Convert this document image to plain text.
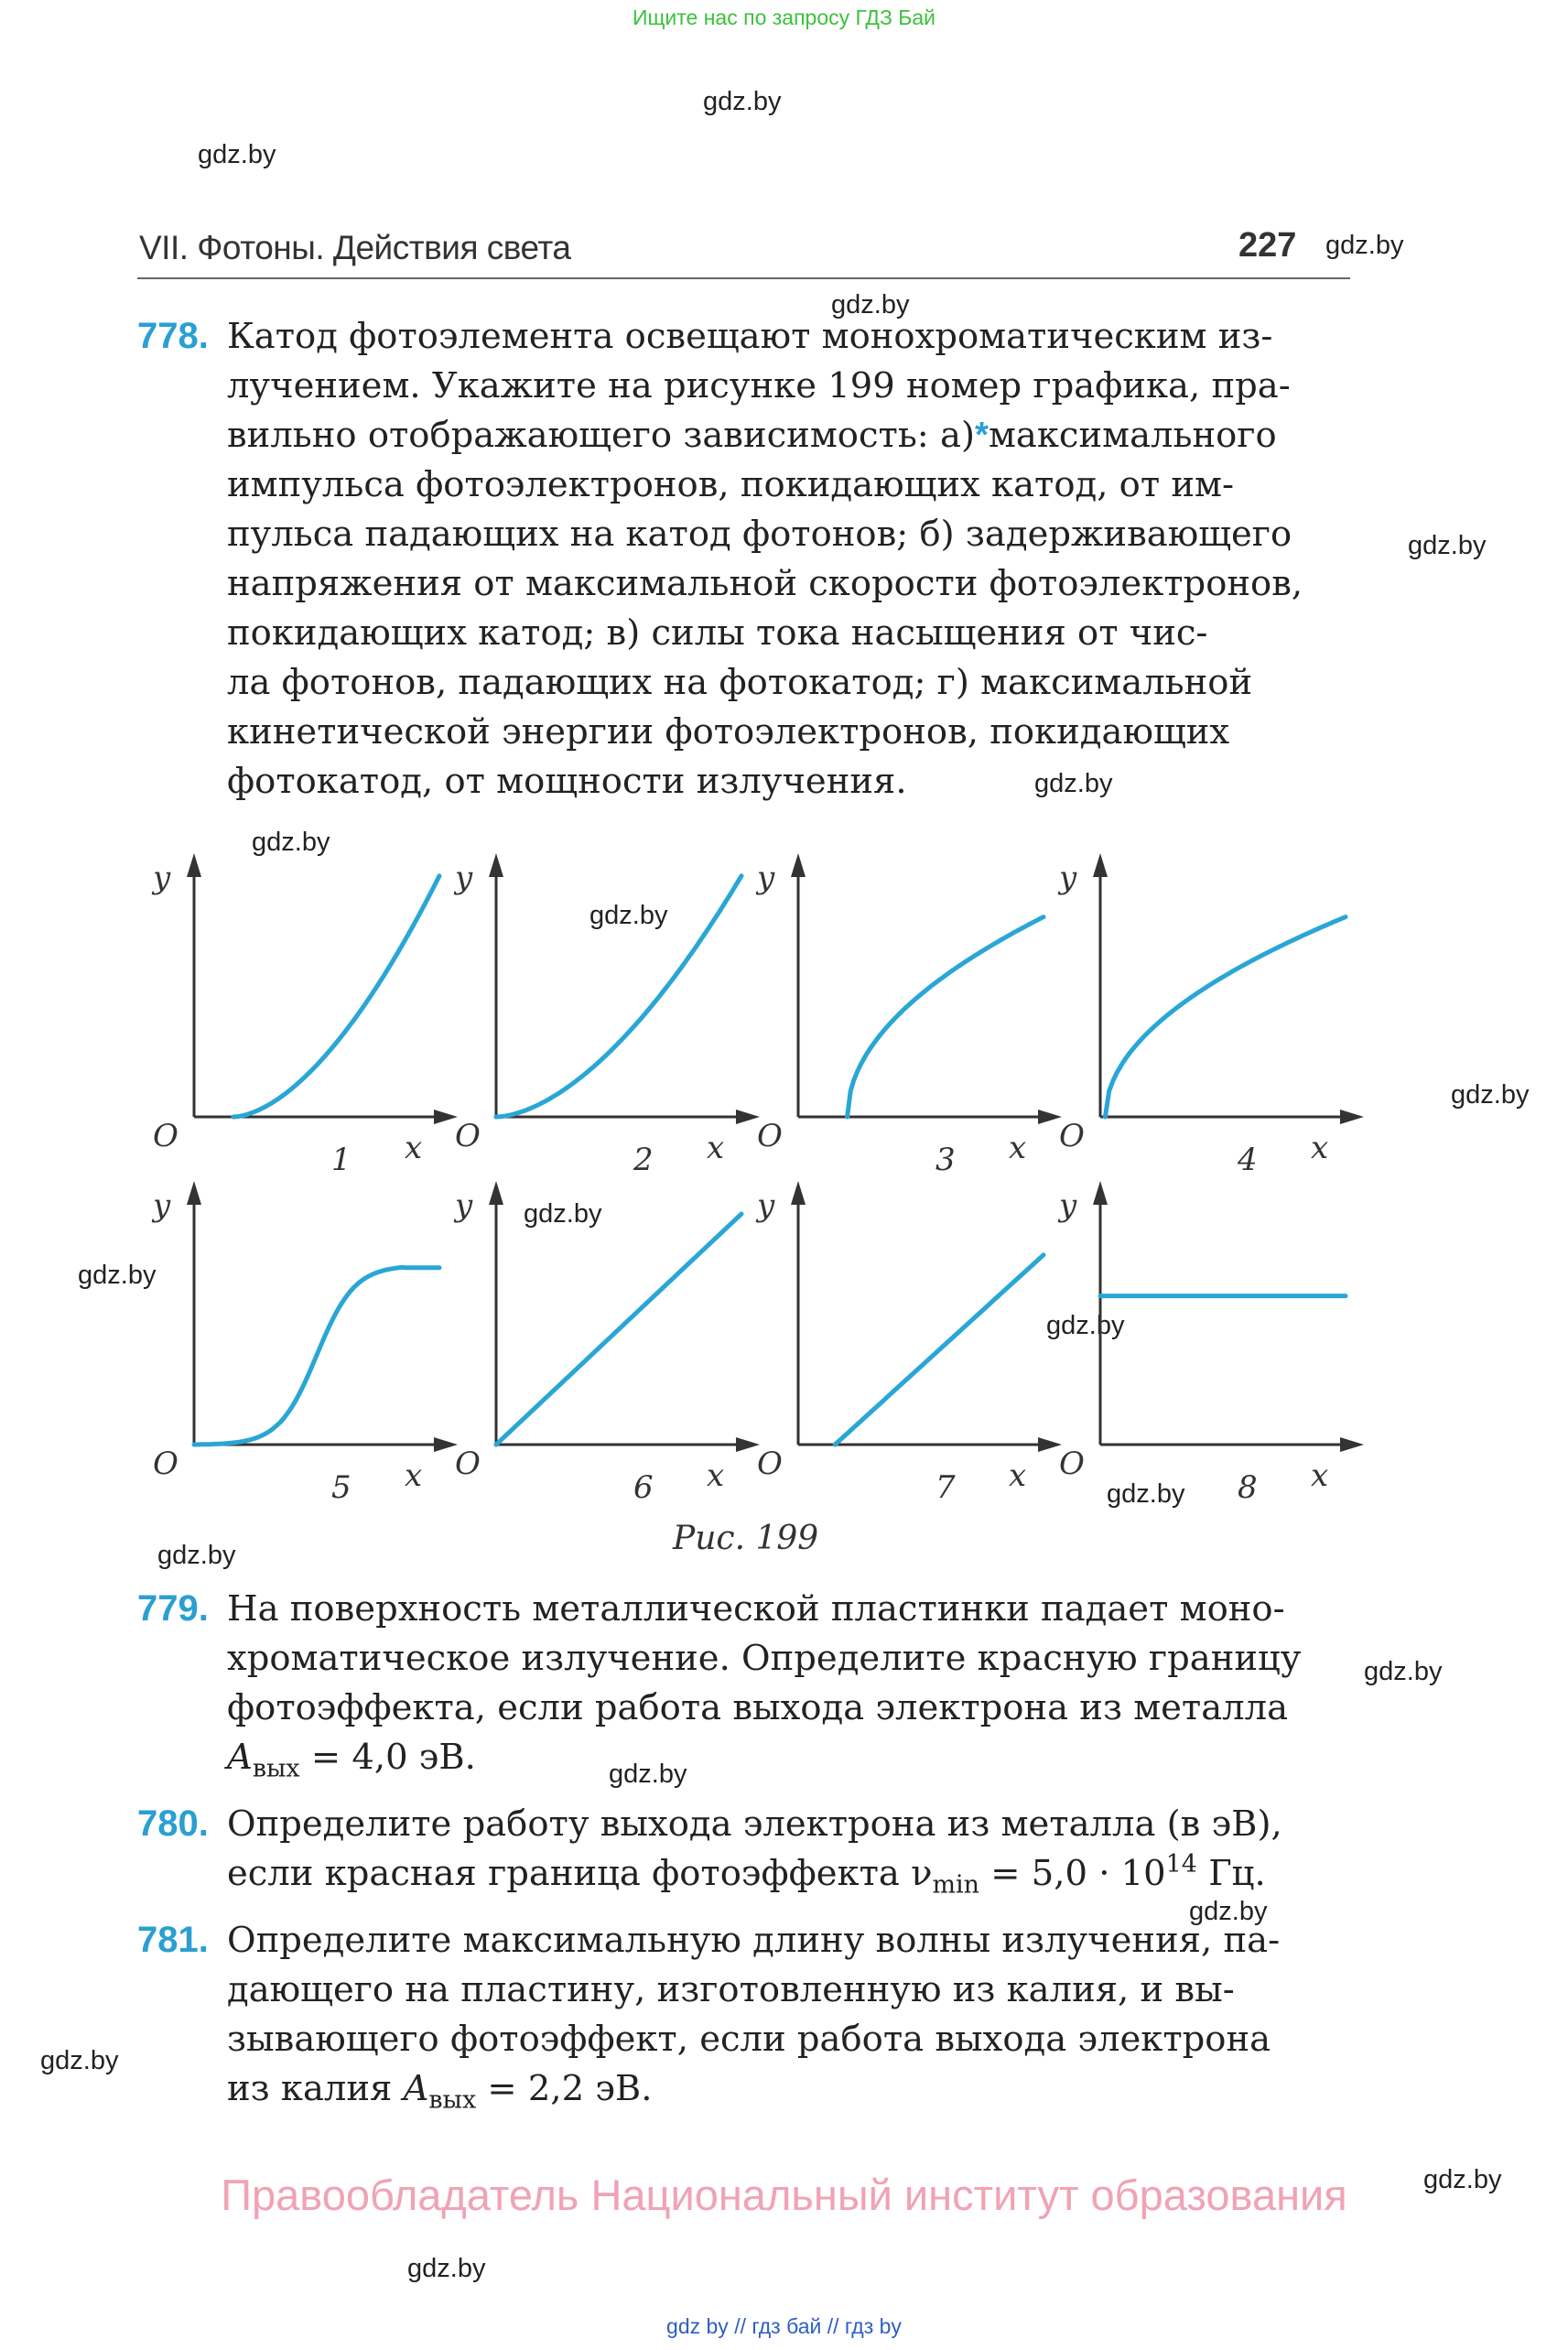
Ищите нас по запросу ГДЗ Бай
gdz.by
gdz.by
gdz.by
gdz.by
gdz.by
gdz.by
gdz.by
gdz.by
gdz.by
gdz.by
gdz.by
gdz.by
gdz.by
gdz.by
gdz.by
gdz.by
gdz.by
gdz.by
gdz.by
gdz.by
VII. Фотоны. Действия света	227
778. Катод фотоэлемента освещают монохроматическим из-
лучением. Укажите на рисунке 199 номер графика, пра-
вильно отображающего зависимость: а)*максимального
импульса фотоэлектронов, покидающих катод, от им-
пульса падающих на катод фотонов; б) задерживающего
напряжения от максимальной скорости фотоэлектронов,
покидающих катод; в) силы тока насыщения от чис-
ла фотонов, падающих на фотокатод; г) максимальной
кинетической энергии фотоэлектронов, покидающих
фотокатод, от мощности излучения.
y
x
O
1
y
x
O
2
y
x
O
3
y
x
O
4
y
x
O
5
y
x
O
6
y
x
O
7
y
x
O
8
Рис. 199
779. На поверхность металлической пластинки падает моно-
хроматическое излучение. Определите красную границу
фотоэффекта, если работа выхода электрона из металла
$A_{вых} = 4,0$ эВ.
780. Определите работу выхода электрона из металла (в эВ),
если красная граница фотоэффекта $\nu_{min} = 5,0 \cdot 10^{14}$ Гц.
781. Определите максимальную длину волны излучения, па-
дающего на пластину, изготовленную из калия, и вы-
зывающего фотоэффект, если работа выхода электрона
из калия $A_{вых} = 2,2$ эВ.
Правообладатель Национальный институт образования
gdz by // гдз бай // гдз by
